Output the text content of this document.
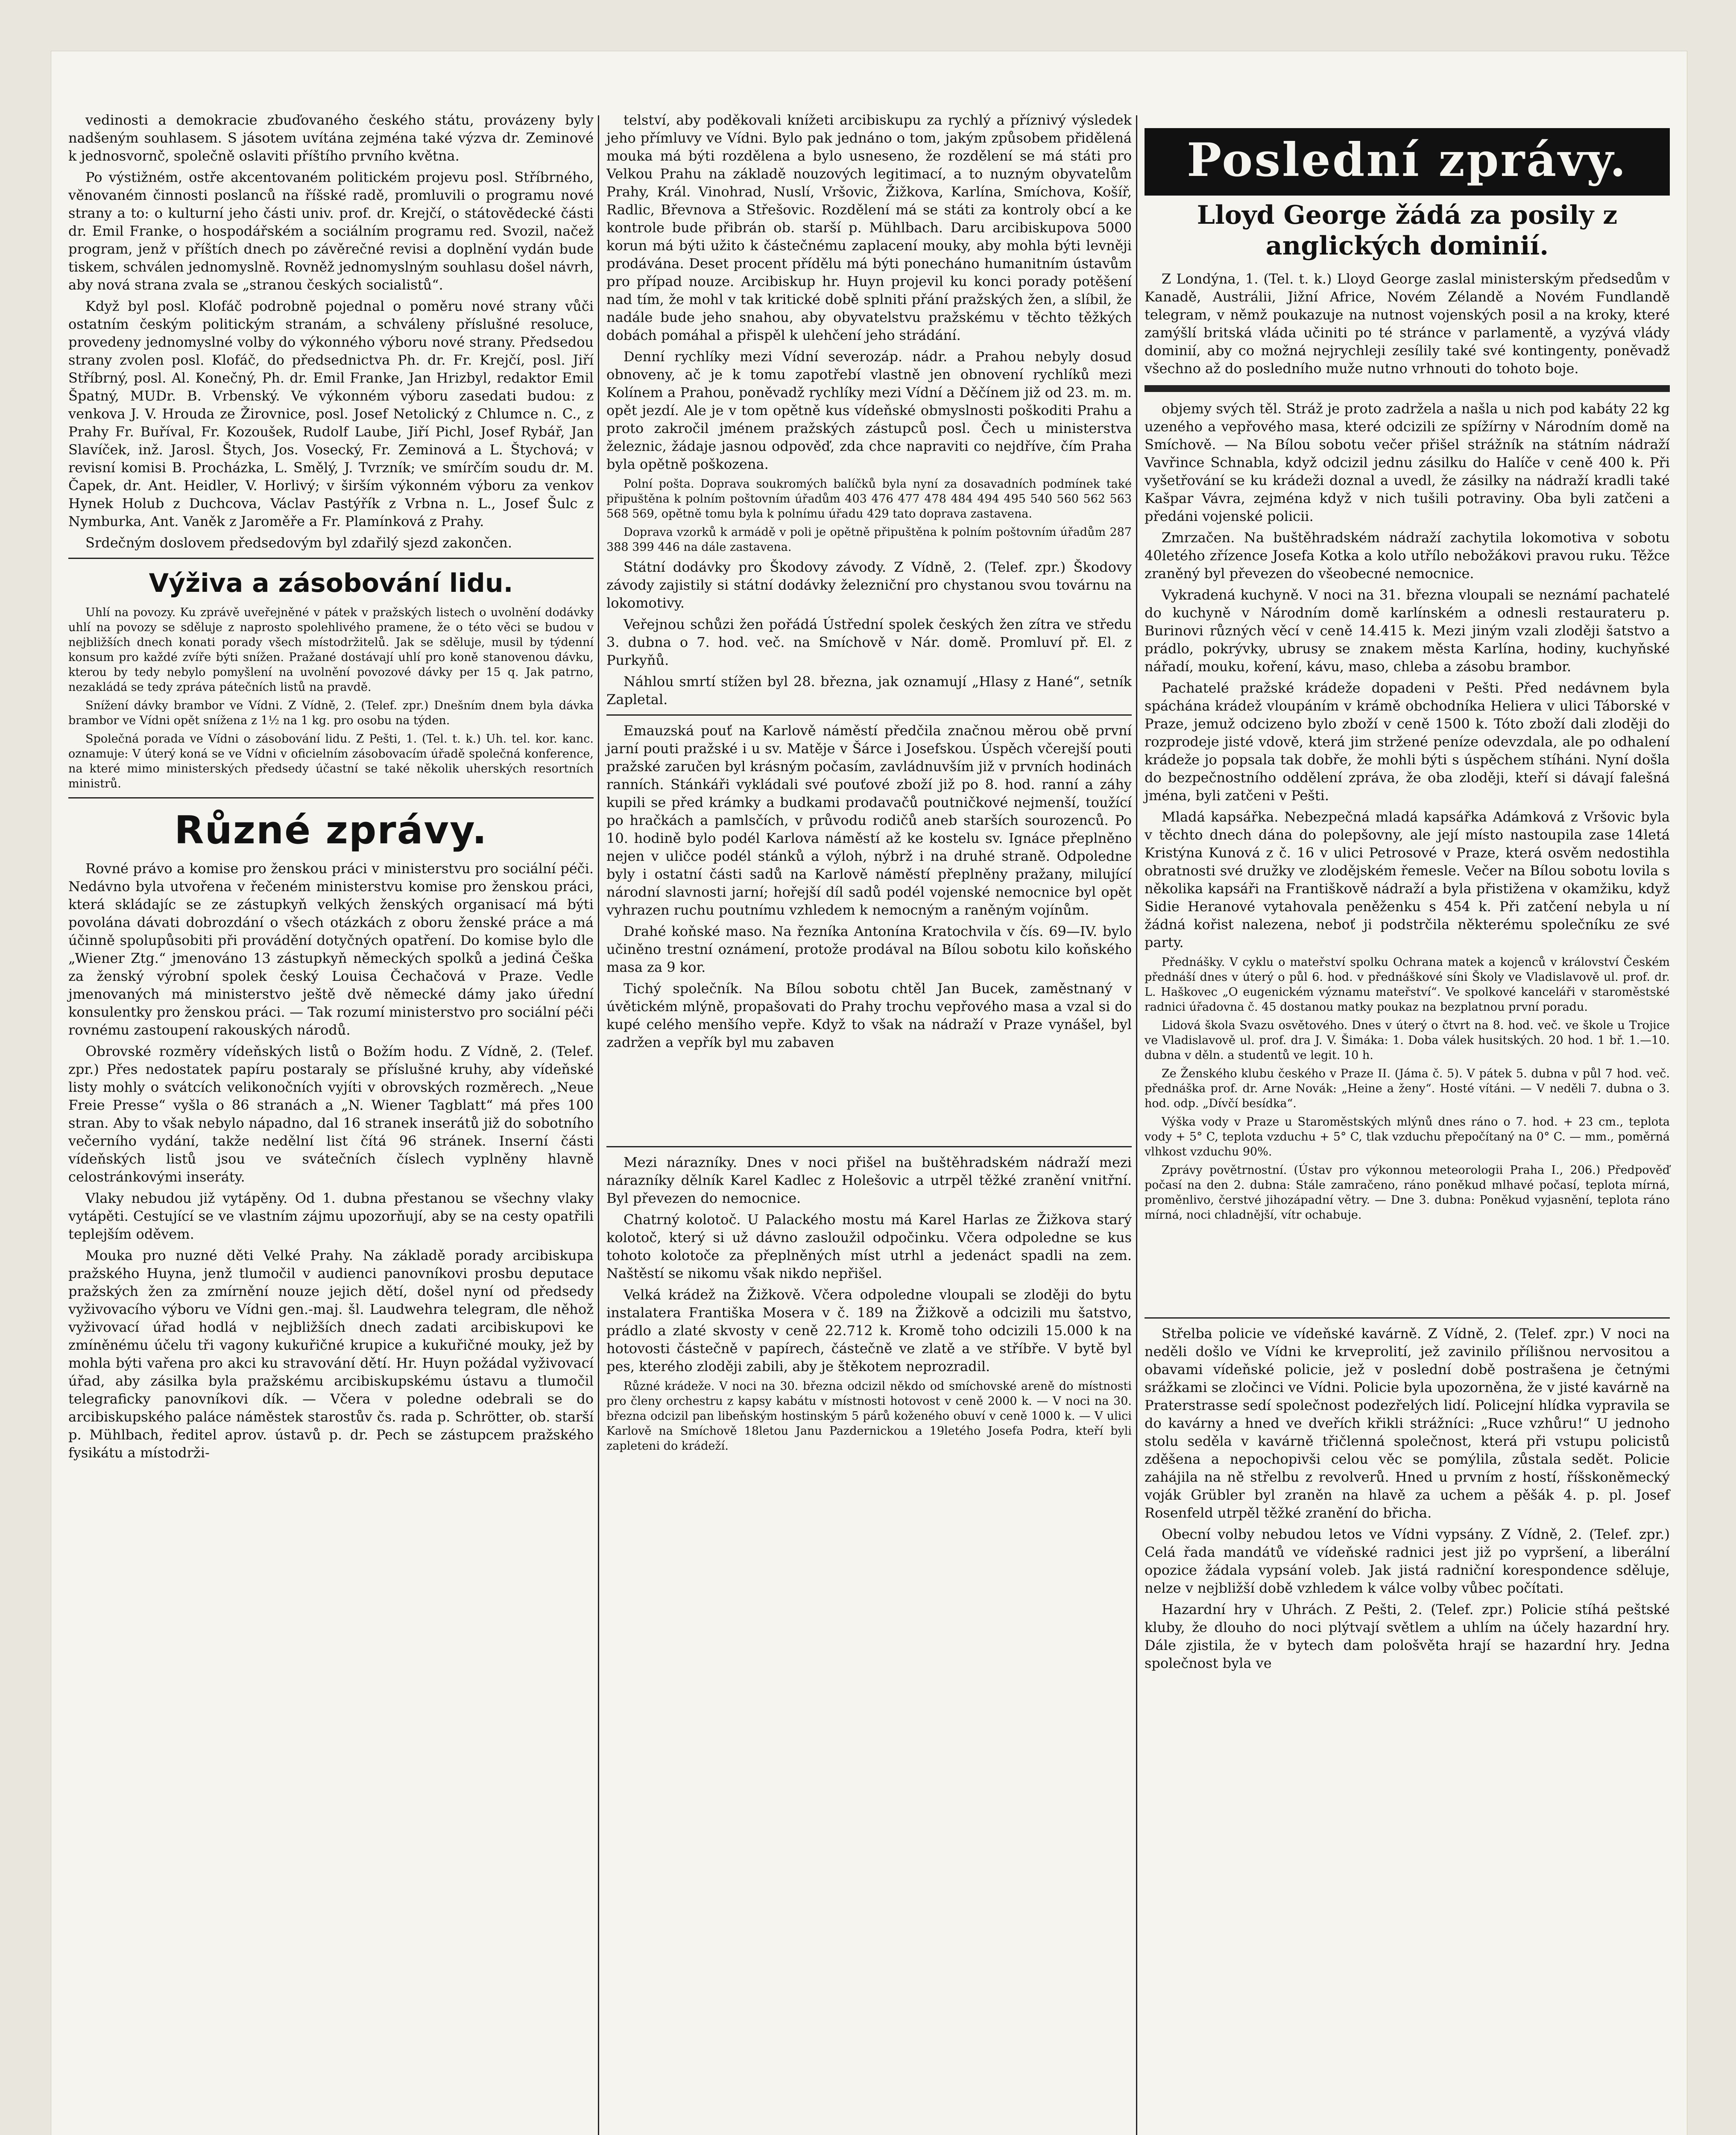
vedinosti a demokracie zbuďovaného českého státu, provázeny byly nadšeným souhlasem. S jásotem uvítána zejména také výzva dr. Zeminové k jednosvornč, společně oslaviti příštího prvního května.

Po výstižném, ostře akcentovaném politickém projevu posl. Stříbrného, věnovaném činnosti poslanců na říšské radě, promluvili o programu nové strany a to: o kulturní jeho části univ. prof. dr. Krejčí, o státovědecké části dr. Emil Franke, o hospodářském a sociálním programu red. Svozil, načež program, jenž v příštích dnech po závěrečné revisi a doplnění vydán bude tiskem, schválen jednomyslně. Rovněž jednomyslným souhlasu došel návrh, aby nová strana zvala se „stranou českých socialistů“.

Když byl posl. Klofáč podrobně pojednal o poměru nové strany vůči ostatním českým politickým stranám, a schváleny příslušné resoluce, provedeny jednomyslné volby do výkonného výboru nové strany. Předsedou strany zvolen posl. Klofáč, do předsednictva Ph. dr. Fr. Krejčí, posl. Jiří Stříbrný, posl. Al. Konečný, Ph. dr. Emil Franke, Jan Hrizbyl, redaktor Emil Špatný, MUDr. B. Vrbenský. Ve výkonném výboru zasedati budou: z venkova J. V. Hrouda ze Žirovnice, posl. Josef Netolický z Chlumce n. C., z Prahy Fr. Buříval, Fr. Kozoušek, Rudolf Laube, Jiří Pichl, Josef Rybář, Jan Slavíček, inž. Jarosl. Štych, Jos. Vosecký, Fr. Zeminová a L. Štychová; v revisní komisi B. Procházka, L. Smělý, J. Tvrzník; ve smírčím soudu dr. M. Čapek, dr. Ant. Heidler, V. Horlivý; v širším výkonném výboru za venkov Hynek Holub z Duchcova, Václav Pastýřík z Vrbna n. L., Josef Šulc z Nymburka, Ant. Vaněk z Jaroměře a Fr. Plamínková z Prahy.

Srdečným doslovem předsedovým byl zdařilý sjezd zakončen.

Výživa a zásobování lidu.

Uhlí na povozy. Ku zprávě uveřejněné v pátek v pražských listech o uvolnění dodávky uhlí na povozy se sděluje z naprosto spolehlivého pramene, že o této věci se budou v nejbližších dnech konati porady všech místodržitelů. Jak se sděluje, musil by týdenní konsum pro každé zvíře býti snížen. Pražané dostávají uhlí pro koně stanovenou dávku, kterou by tedy nebylo pomyšlení na uvolnění povozové dávky per 15 q. Jak patrno, nezakládá se tedy zpráva pátečních listů na pravdě.

Snížení dávky brambor ve Vídni. Z Vídně, 2. (Telef. zpr.) Dnešním dnem byla dávka brambor ve Vídni opět snížena z 1½ na 1 kg. pro osobu na týden.

Společná porada ve Vídni o zásobování lidu. Z Pešti, 1. (Tel. t. k.) Uh. tel. kor. kanc. oznamuje: V úterý koná se ve Vídni v oficielním zásobovacím úřadě společná konference, na které mimo ministerských předsedy účastní se také několik uherských resortních ministrů.

Různé zprávy.

Rovné právo a komise pro ženskou práci v ministerstvu pro sociální péči. Nedávno byla utvořena v řečeném ministerstvu komise pro ženskou práci, která skládajíc se ze zástupkyň velkých ženských organisací má býti povolána dávati dobrozdání o všech otázkách z oboru ženské práce a má účinně spolupůsobiti při provádění dotyčných opatření. Do komise bylo dle „Wiener Ztg.“ jmenováno 13 zástupkyň německých spolků a jediná Češka za ženský výrobní spolek český Louisa Čechačová v Praze. Vedle jmenovaných má ministerstvo ještě dvě německé dámy jako úřední konsulentky pro ženskou práci. — Tak rozumí ministerstvo pro sociální péči rovnému zastoupení rakouských národů.

Obrovské rozměry vídeňských listů o Božím hodu. Z Vídně, 2. (Telef. zpr.) Přes nedostatek papíru postaraly se příslušné kruhy, aby vídeňské listy mohly o svátcích velikonočních vyjíti v obrovských rozměrech. „Neue Freie Presse“ vyšla o 86 stranách a „N. Wiener Tagblatt“ má přes 100 stran. Aby to však nebylo nápadno, dal 16 stranek inserátů již do sobotního večerního vydání, takže nedělní list čítá 96 stránek. Inserní části vídeňských listů jsou ve svátečních číslech vyplněny hlavně celostránkovými inseráty.

Vlaky nebudou již vytápěny. Od 1. dubna přestanou se všechny vlaky vytápěti. Cestující se ve vlastním zájmu upozorňují, aby se na cesty opatřili teplejším oděvem.

Mouka pro nuzné děti Velké Prahy. Na základě porady arcibiskupa pražského Huyna, jenž tlumočil v audienci panovníkovi prosbu deputace pražských žen za zmírnění nouze jejich dětí, došel nyní od předsedy vyživovacího výboru ve Vídni gen.-maj. šl. Laudwehra telegram, dle něhož vyživovací úřad hodlá v nejbližších dnech zadati arcibiskupovi ke zmíněnému účelu tři vagony kukuřičné krupice a kukuřičné mouky, jež by mohla býti vařena pro akci ku stravování dětí. Hr. Huyn požádal vyživovací úřad, aby zásilka byla pražskému arcibiskupskému ústavu a tlumočil telegraficky panovníkovi dík. — Včera v poledne odebrali se do arcibiskupského paláce náměstek starostův čs. rada p. Schrötter, ob. starší p. Mühlbach, ředitel aprov. ústavů p. dr. Pech se zástupcem pražského fysikátu a místodrži-

telství, aby poděkovali knížeti arcibiskupu za rychlý a příznivý výsledek jeho přímluvy ve Vídni. Bylo pak jednáno o tom, jakým způsobem přidělená mouka má býti rozdělena a bylo usneseno, že rozdělení se má státi pro Velkou Prahu na základě nouzových legitimací, a to nuzným obyvatelům Prahy, Král. Vinohrad, Nuslí, Vršovic, Žižkova, Karlína, Smíchova, Košíř, Radlic, Břevnova a Střešovic. Rozdělení má se státi za kontroly obcí a ke kontrole bude přibrán ob. starší p. Mühlbach. Daru arcibiskupova 5000 korun má býti užito k částečnému zaplacení mouky, aby mohla býti levněji prodávána. Deset procent přídělu má býti ponecháno humanitním ústavům pro případ nouze. Arcibiskup hr. Huyn projevil ku konci porady potěšení nad tím, že mohl v tak kritické době splniti přání pražských žen, a slíbil, že nadále bude jeho snahou, aby obyvatelstvu pražskému v těchto těžkých dobách pomáhal a přispěl k ulehčení jeho strádání.

Denní rychlíky mezi Vídní severozáp. nádr. a Prahou nebyly dosud obnoveny, ač je k tomu zapotřebí vlastně jen obnovení rychlíků mezi Kolínem a Prahou, poněvadž rychlíky mezi Vídní a Děčínem již od 23. m. m. opět jezdí. Ale je v tom opětně kus vídeňské obmyslnosti poškoditi Prahu a proto zakročil jménem pražských zástupců posl. Čech u ministerstva železnic, žádaje jasnou odpověď, zda chce napraviti co nejdříve, čím Praha byla opětně poškozena.

Polní pošta. Doprava soukromých balíčků byla nyní za dosavadních podmínek také připuštěna k polním poštovním úřadům 403 476 477 478 484 494 495 540 560 562 563 568 569, opětně tomu byla k polnímu úřadu 429 tato doprava zastavena.

Doprava vzorků k armádě v poli je opětně připuštěna k polním poštovním úřadům 287 388 399 446 na dále zastavena.

Státní dodávky pro Škodovy závody. Z Vídně, 2. (Telef. zpr.) Škodovy závody zajistily si státní dodávky železniční pro chystanou svou továrnu na lokomotivy.

Veřejnou schůzi žen pořádá Ústřední spolek českých žen zítra ve středu 3. dubna o 7. hod. več. na Smíchově v Nár. domě. Promluví př. El. z Purkyňů.

Náhlou smrtí stížen byl 28. března, jak oznamují „Hlasy z Hané“, setník Zapletal.

Emauzská pouť na Karlově náměstí předčila značnou měrou obě první jarní pouti pražské i u sv. Matěje v Šárce i Josefskou. Úspěch včerejší pouti pražské zaručen byl krásným počasím, zavládnuvším již v prvních hodinách ranních. Stánkáři vykládali své pouťové zboží již po 8. hod. ranní a záhy kupili se před krámky a budkami prodavačů poutničkové nejmenší, toužící po hračkách a pamlsčích, v průvodu rodičů aneb starších sourozenců. Po 10. hodině bylo podél Karlova náměstí až ke kostelu sv. Ignáce přeplněno nejen v uličce podél stánků a výloh, nýbrž i na druhé straně. Odpoledne byly i ostatní části sadů na Karlově náměstí přeplněny pražany, milující národní slavnosti jarní; hořejší díl sadů podél vojenské nemocnice byl opět vyhrazen ruchu poutnímu vzhledem k nemocným a raněným vojínům.

Drahé koňské maso. Na řezníka Antonína Kratochvila v čís. 69—IV. bylo učiněno trestní oznámení, protože prodával na Bílou sobotu kilo koňského masa za 9 kor.

Tichý společník. Na Bílou sobotu chtěl Jan Bucek, zaměstnaný v úvětickém mlýně, propašovati do Prahy trochu vepřového masa a vzal si do kupé celého menšího vepře. Když to však na nádraží v Praze vynášel, byl zadržen a vepřík byl mu zabaven

Mezi nárazníky. Dnes v noci přišel na buštěhradském nádraží mezi nárazníky dělník Karel Kadlec z Holešovic a utrpěl těžké zranění vnitřní. Byl převezen do nemocnice.

Chatrný kolotoč. U Palackého mostu má Karel Harlas ze Žižkova starý kolotoč, který si už dávno zasloužil odpočinku. Včera odpoledne se kus tohoto kolotoče za přeplněných míst utrhl a jedenáct spadli na zem. Naštěstí se nikomu však nikdo nepřišel.

Velká krádež na Žižkově. Včera odpoledne vloupali se zloději do bytu instalatera Františka Mosera v č. 189 na Žižkově a odcizili mu šatstvo, prádlo a zlaté skvosty v ceně 22.712 k. Kromě toho odcizili 15.000 k na hotovosti částečně v papírech, částečně ve zlatě a ve stříbře. V bytě byl pes, kterého zloději zabili, aby je štěkotem neprozradil.

Různé krádeže. V noci na 30. března odcizil někdo od smíchovské areně do místnosti pro členy orchestru z kapsy kabátu v místnosti hotovost v ceně 2000 k. — V noci na 30. března odcizil pan libeňským hostinským 5 párů koženého obuví v ceně 1000 k. — V ulici Karlově na Smíchově 18letou Janu Pazdernickou a 19letého Josefa Podra, kteří byli zapleteni do krádeží.

Poslední zprávy.
Lloyd George žádá za posily z anglických dominií.

Z Londýna, 1. (Tel. t. k.) Lloyd George zaslal ministerským předsedům v Kanadě, Austrálii, Jižní Africe, Novém Zélandě a Novém Fundlandě telegram, v němž poukazuje na nutnost vojenských posil a na kroky, které zamýšlí britská vláda učiniti po té stránce v parlamentě, a vyzývá vlády dominií, aby co možná nejrychleji zesílily také své kontingenty, poněvadž všechno až do posledního muže nutno vrhnouti do tohoto boje.

objemy svých těl. Stráž je proto zadržela a našla u nich pod kabáty 22 kg uzeného a vepřového masa, které odcizili ze spížírny v Národním domě na Smíchově. — Na Bílou sobotu večer přišel strážník na státním nádraží Vavřince Schnabla, když odcizil jednu zásilku do Halíče v ceně 400 k. Při vyšetřování se ku krádeži doznal a uvedl, že zásilky na nádraží kradli také Kašpar Vávra, zejména když v nich tušili potraviny. Oba byli zatčeni a předáni vojenské policii.

Zmrzačen. Na buštěhradském nádraží zachytila lokomotiva v sobotu 40letého zřízence Josefa Kotka a kolo utřílo nebožákovi pravou ruku. Těžce zraněný byl převezen do všeobecné nemocnice.

Vykradená kuchyně. V noci na 31. března vloupali se neznámí pachatelé do kuchyně v Národním domě karlínském a odnesli restaurateru p. Burinovi různých věcí v ceně 14.415 k. Mezi jiným vzali zloději šatstvo a prádlo, pokrývky, ubrusy se znakem města Karlína, hodiny, kuchyňské nářadí, mouku, koření, kávu, maso, chleba a zásobu brambor.

Pachatelé pražské krádeže dopadeni v Pešti. Před nedávnem byla spáchána krádež vloupáním v krámě obchodníka Heliera v ulici Táborské v Praze, jemuž odcizeno bylo zboží v ceně 1500 k. Tóto zboží dali zloději do rozprodeje jisté vdově, která jim stržené peníze odevzdala, ale po odhalení krádeže jo popsala tak dobře, že mohli býti s úspěchem stíháni. Nyní došla do bezpečnostního oddělení zpráva, že oba zloději, kteří si dávají falešná jména, byli zatčeni v Pešti.

Mladá kapsářka. Nebezpečná mladá kapsářka Adámková z Vršovic byla v těchto dnech dána do polepšovny, ale její místo nastoupila zase 14letá Kristýna Kunová z č. 16 v ulici Petrosové v Praze, která osvěm nedostihla obratnosti své družky ve zlodějském řemesle. Večer na Bílou sobotu lovila s několika kapsáři na Františkově nádraží a byla přistižena v okamžiku, když Sidie Heranové vytahovala peněženku s 454 k. Při zatčení nebyla u ní žádná kořist nalezena, neboť ji podstrčila některému společníku ze své party.

Přednášky. V cyklu o mateřství spolku Ochrana matek a kojenců v království Českém přednáší dnes v úterý o půl 6. hod. v přednáškové síni Školy ve Vladislavově ul. prof. dr. L. Haškovec „O eugenickém významu mateřství“. Ve spolkové kanceláři v staroměstské radnici úřadovna č. 45 dostanou matky poukaz na bezplatnou první poradu.

Lidová škola Svazu osvětového. Dnes v úterý o čtvrt na 8. hod. več. ve škole u Trojice ve Vladislavově ul. prof. dra J. V. Šimáka: 1. Doba válek husitských. 20 hod. 1 bř. 1.—10. dubna v děln. a studentů ve legit. 10 h.

Ze Ženského klubu českého v Praze II. (Jáma č. 5). V pátek 5. dubna v půl 7 hod. več. přednáška prof. dr. Arne Novák: „Heine a ženy“. Hosté vítáni. — V neděli 7. dubna o 3. hod. odp. „Dívčí besídka“.

Výška vody v Praze u Staroměstských mlýnů dnes ráno o 7. hod. + 23 cm., teplota vody + 5° C, teplota vzduchu + 5° C, tlak vzduchu přepočítaný na 0° C. — mm., poměrná vlhkost vzduchu 90%.

Zprávy povětrnostní. (Ústav pro výkonnou meteorologii Praha I., 206.) Předpověď počasí na den 2. dubna: Stále zamračeno, ráno poněkud mlhavé počasí, teplota mírná, proměnlivo, čerstvé jihozápadní větry. — Dne 3. dubna: Poněkud vyjasnění, teplota ráno mírná, noci chladnější, vítr ochabuje.

Střelba policie ve vídeňské kavárně. Z Vídně, 2. (Telef. zpr.) V noci na neděli došlo ve Vídni ke krveprolití, jež zavinilo přílišnou nervositou a obavami vídeňské policie, jež v poslední době postrašena je četnými srážkami se zločinci ve Vídni. Policie byla upozorněna, že v jisté kavárně na Praterstrasse sedí společnost podezřelých lidí. Policejní hlídka vypravila se do kavárny a hned ve dveřích křikli strážníci: „Ruce vzhůru!“ U jednoho stolu seděla v kavárně třičlenná společnost, která při vstupu policistů zděšena a nepochopivši celou věc se pomýlila, zůstala sedět. Policie zahájila na ně střelbu z revolverů. Hned u prvním z hostí, říšskoněmecký voják Grübler byl zraněn na hlavě za uchem a pěšák 4. p. pl. Josef Rosenfeld utrpěl těžké zranění do břicha.

Obecní volby nebudou letos ve Vídni vypsány. Z Vídně, 2. (Telef. zpr.) Celá řada mandátů ve vídeňské radnici jest již po vypršení, a liberální opozice žádala vypsání voleb. Jak jistá radniční korespondence sděluje, nelze v nejbližší době vzhledem k válce volby vůbec počítati.

Hazardní hry v Uhrách. Z Pešti, 2. (Telef. zpr.) Policie stíhá peštské kluby, že dlouho do noci plýtvají světlem a uhlím na účely hazardní hry. Dále zjistila, že v bytech dam pološvěta hrají se hazardní hry. Jedna společnost byla ve
